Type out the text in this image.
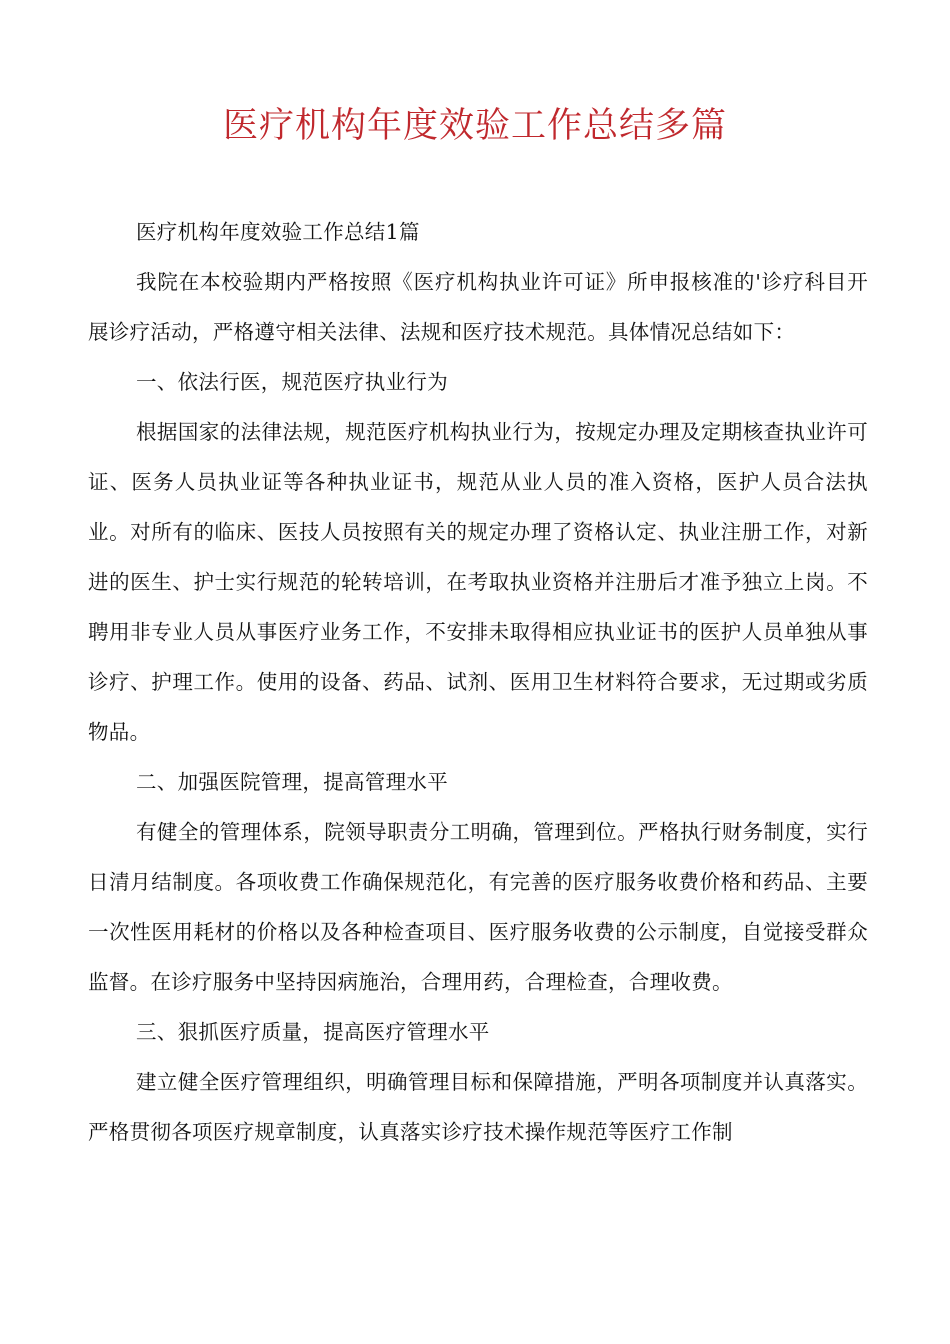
医疗机构年度效验工作总结多篇

医疗机构年度效验工作总结1篇

我院在本校验期内严格按照《医疗机构执业许可证》所申报核准的'诊疗科目开展诊疗活动，严格遵守相关法律、法规和医疗技术规范。具体情况总结如下：

一、依法行医，规范医疗执业行为

根据国家的法律法规，规范医疗机构执业行为，按规定办理及定期核查执业许可证、医务人员执业证等各种执业证书，规范从业人员的准入资格，医护人员合法执业。对所有的临床、医技人员按照有关的规定办理了资格认定、执业注册工作，对新进的医生、护士实行规范的轮转培训，在考取执业资格并注册后才准予独立上岗。不聘用非专业人员从事医疗业务工作，不安排未取得相应执业证书的医护人员单独从事诊疗、护理工作。使用的设备、药品、试剂、医用卫生材料符合要求，无过期或劣质物品。

二、加强医院管理，提高管理水平

有健全的管理体系，院领导职责分工明确，管理到位。严格执行财务制度，实行日清月结制度。各项收费工作确保规范化，有完善的医疗服务收费价格和药品、主要一次性医用耗材的价格以及各种检查项目、医疗服务收费的公示制度，自觉接受群众监督。在诊疗服务中坚持因病施治，合理用药，合理检查，合理收费。

三、狠抓医疗质量，提高医疗管理水平

建立健全医疗管理组织，明确管理目标和保障措施，严明各项制度并认真落实。严格贯彻各项医疗规章制度，认真落实诊疗技术操作规范等医疗工作制
